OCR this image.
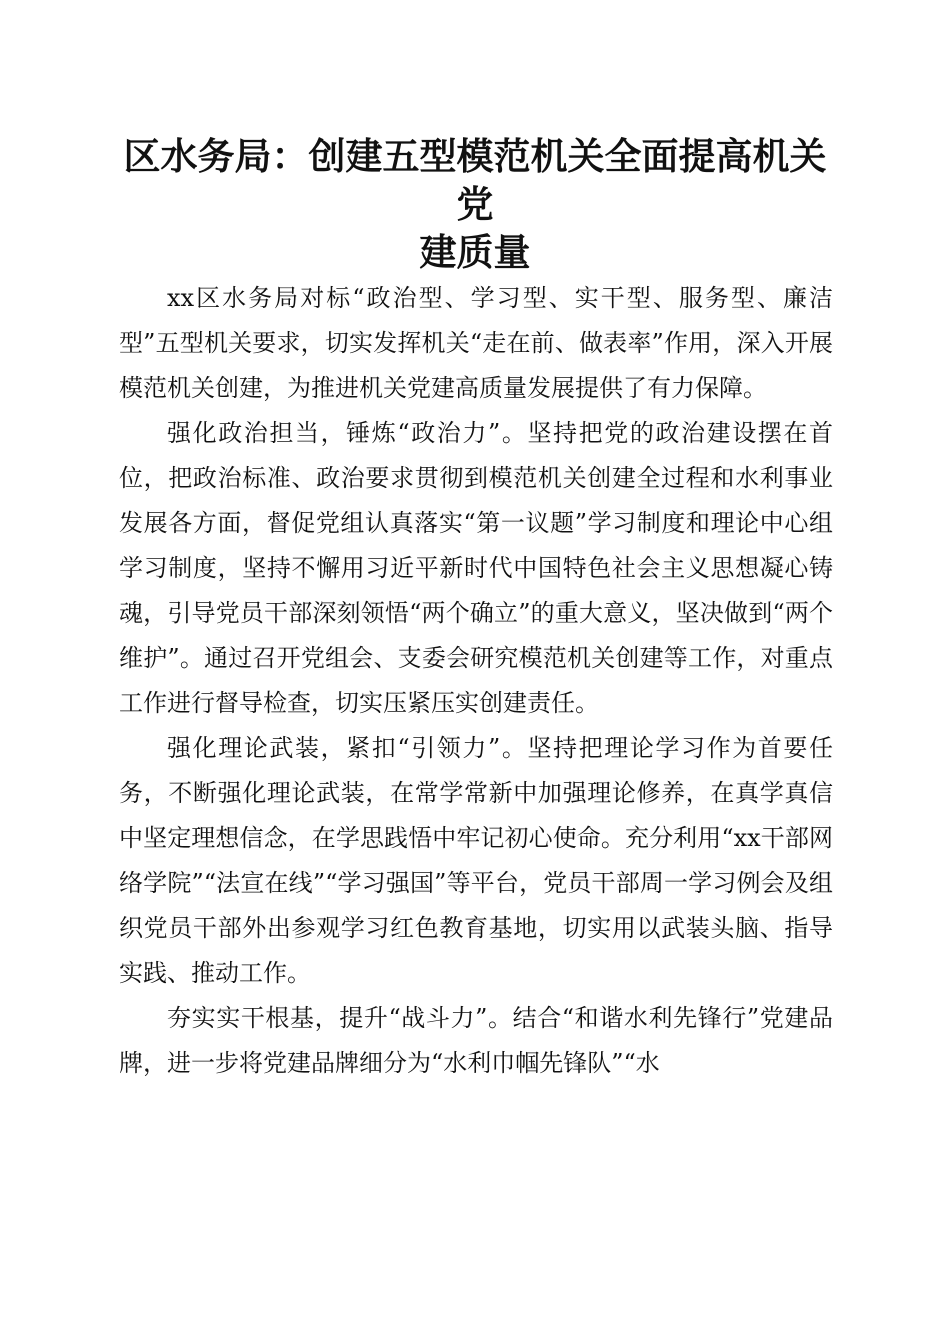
区水务局：创建五型模范机关全面提高机关党
建质量

xx区水务局对标“政治型、学习型、实干型、服务型、廉洁型”五型机关要求，切实发挥机关“走在前、做表率”作用，深入开展模范机关创建，为推进机关党建高质量发展提供了有力保障。

强化政治担当，锤炼“政治力”。坚持把党的政治建设摆在首位，把政治标准、政治要求贯彻到模范机关创建全过程和水利事业发展各方面，督促党组认真落实“第一议题”学习制度和理论中心组学习制度，坚持不懈用习近平新时代中国特色社会主义思想凝心铸魂，引导党员干部深刻领悟“两个确立”的重大意义，坚决做到“两个维护”。通过召开党组会、支委会研究模范机关创建等工作，对重点工作进行督导检查，切实压紧压实创建责任。

强化理论武装，紧扣“引领力”。坚持把理论学习作为首要任务，不断强化理论武装，在常学常新中加强理论修养，在真学真信中坚定理想信念，在学思践悟中牢记初心使命。充分利用“xx干部网络学院”“法宣在线”“学习强国”等平台，党员干部周一学习例会及组织党员干部外出参观学习红色教育基地，切实用以武装头脑、指导实践、推动工作。

夯实实干根基，提升“战斗力”。结合“和谐水利先锋行”党建品牌，进一步将党建品牌细分为“水利巾帼先锋队”“水
